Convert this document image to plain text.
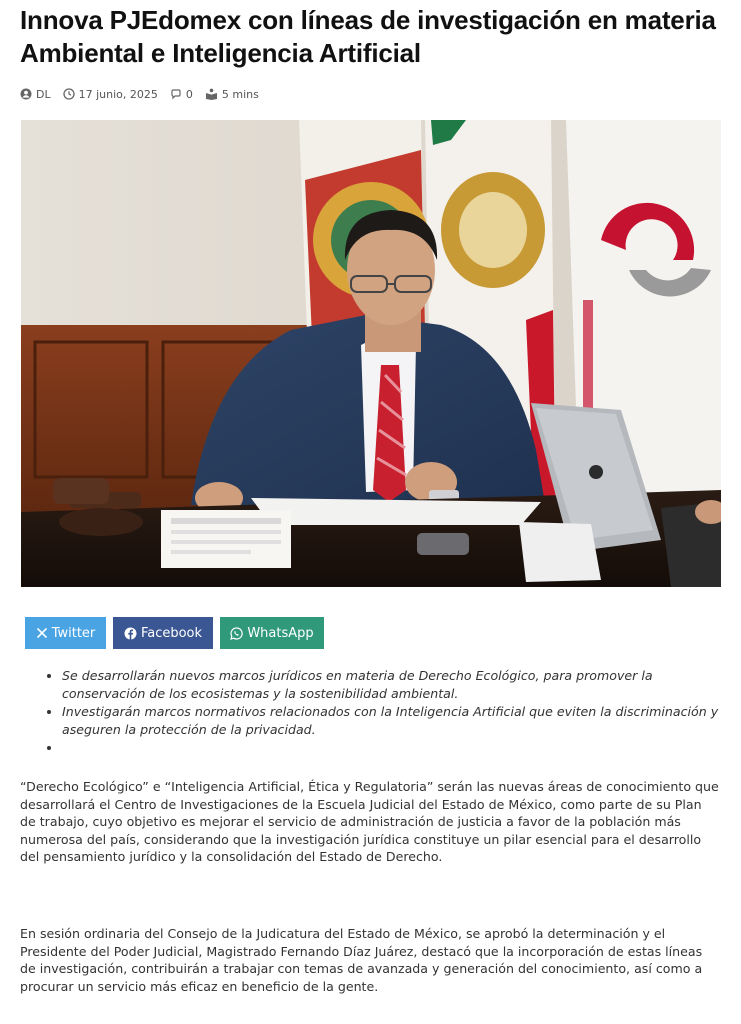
Innova PJEdomex con líneas de investigación en materia Ambiental e Inteligencia Artificial
DL	17 junio, 2025	0	5 mins
Twitter	Facebook	WhatsApp
• Se desarrollarán nuevos marcos jurídicos en materia de Derecho Ecológico, para promover la conservación de los ecosistemas y la sostenibilidad ambiental.
• Investigarán marcos normativos relacionados con la Inteligencia Artificial que eviten la discriminación y aseguren la protección de la privacidad.
•

“Derecho Ecológico” e “Inteligencia Artificial, Ética y Regulatoria” serán las nuevas áreas de conocimiento que desarrollará el Centro de Investigaciones de la Escuela Judicial del Estado de México, como parte de su Plan de trabajo, cuyo objetivo es mejorar el servicio de administración de justicia a favor de la población más numerosa del país, considerando que la investigación jurídica constituye un pilar esencial para el desarrollo del pensamiento jurídico y la consolidación del Estado de Derecho.

En sesión ordinaria del Consejo de la Judicatura del Estado de México, se aprobó la determinación y el Presidente del Poder Judicial, Magistrado Fernando Díaz Juárez, destacó que la incorporación de estas líneas de investigación, contribuirán a trabajar con temas de avanzada y generación del conocimiento, así como a procurar un servicio más eficaz en beneficio de la gente.
